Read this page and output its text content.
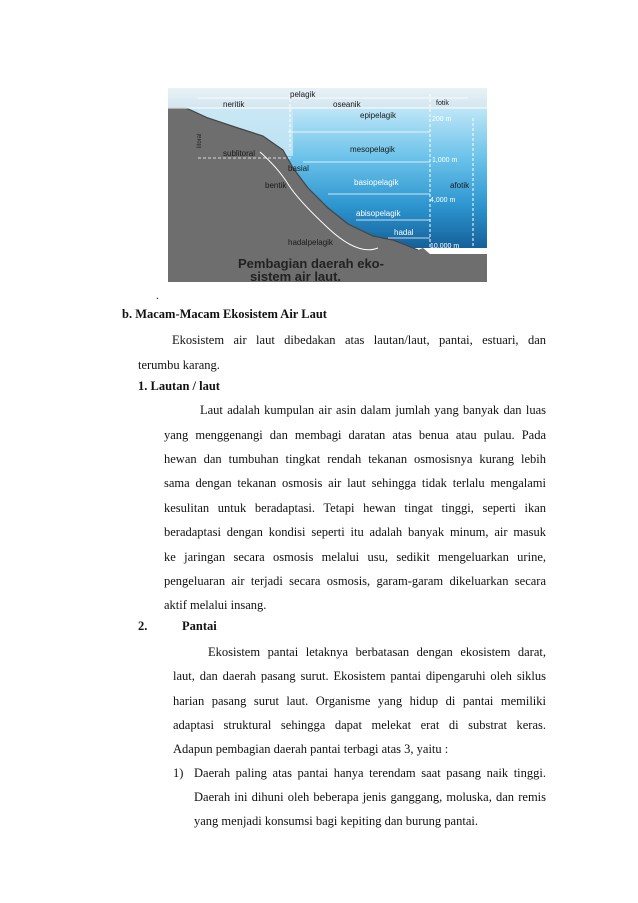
pelagik
neritik	oseanik	fotik
epipelagik	200 m
litoral
sublitoral	mesopelagik
1,000 m
basial
bentik	basiopelagik	afotik
4,000 m
abisopelagik
hadal
hadalpelagik	10,000 m
Pembagian daerah eko-
sistem air laut.
.
b. Macam-Macam Ekosistem Air Laut
Ekosistem air laut dibedakan atas lautan/laut, pantai, estuari, dan
terumbu karang.
1. Lautan / laut
Laut adalah kumpulan air asin dalam jumlah yang banyak dan luas
yang menggenangi dan membagi daratan atas benua atau pulau. Pada
hewan dan tumbuhan tingkat rendah tekanan osmosisnya kurang lebih
sama dengan tekanan osmosis air laut sehingga tidak terlalu mengalami
kesulitan untuk beradaptasi. Tetapi hewan tingat tinggi, seperti ikan
beradaptasi dengan kondisi seperti itu adalah banyak minum, air masuk
ke jaringan secara osmosis melalui usu, sedikit mengeluarkan urine,
pengeluaran air terjadi secara osmosis, garam-garam dikeluarkan secara
aktif melalui insang.
2.	Pantai
Ekosistem pantai letaknya berbatasan dengan ekosistem darat,
laut, dan daerah pasang surut. Ekosistem pantai dipengaruhi oleh siklus
harian pasang surut laut. Organisme yang hidup di pantai memiliki
adaptasi struktural sehingga dapat melekat erat di substrat keras.
Adapun pembagian daerah pantai terbagi atas 3, yaitu :
1) Daerah paling atas pantai hanya terendam saat pasang naik tinggi.
Daerah ini dihuni oleh beberapa jenis ganggang, moluska, dan remis
yang menjadi konsumsi bagi kepiting dan burung pantai.
